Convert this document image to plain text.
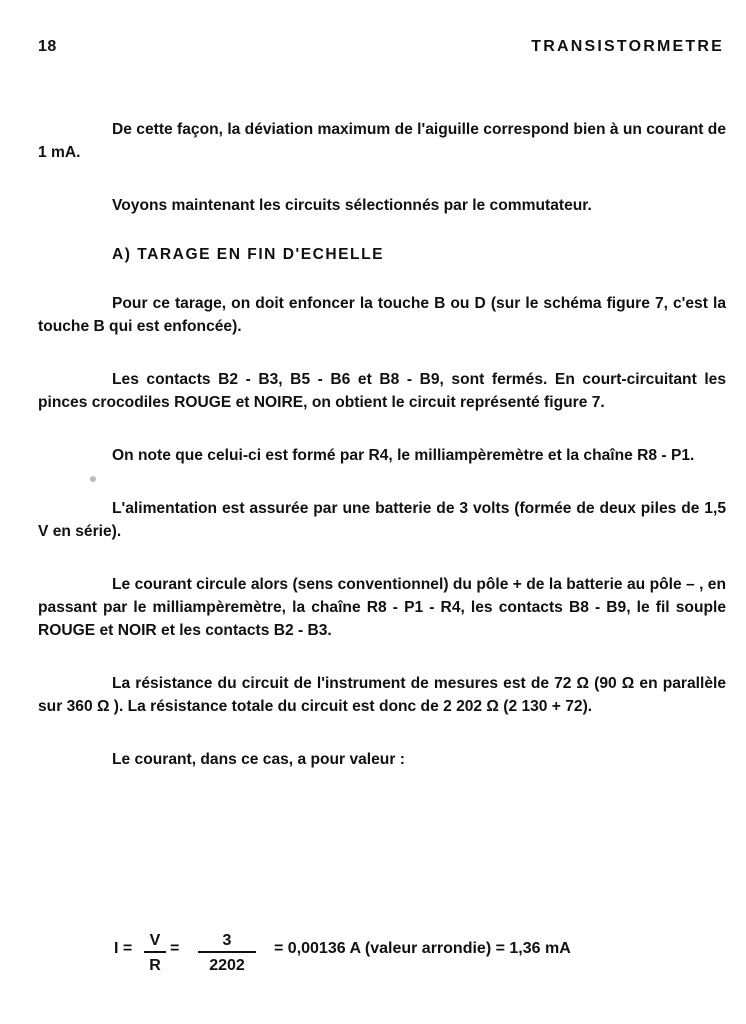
18	TRANSISTORMETRE

De cette façon, la déviation maximum de l'aiguille correspond bien à un courant de 1 mA.

Voyons maintenant les circuits sélectionnés par le commutateur.

A) TARAGE EN FIN D'ECHELLE

Pour ce tarage, on doit enfoncer la touche B ou D (sur le schéma figure 7, c'est la touche B qui est enfoncée).

Les contacts B2 - B3, B5 - B6 et B8 - B9, sont fermés. En court-circuitant les pinces crocodiles ROUGE et NOIRE, on obtient le circuit représenté figure 7.

On note que celui-ci est formé par R4, le milliampèremètre et la chaîne R8 - P1.

L'alimentation est assurée par une batterie de 3 volts (formée de deux piles de 1,5 V en série).

Le courant circule alors (sens conventionnel) du pôle + de la batterie au pôle – , en passant par le milliampèremètre, la chaîne R8 - P1 - R4, les contacts B8 - B9, le fil souple ROUGE et NOIR et les contacts B2 - B3.

La résistance du circuit de l'instrument de mesures est de 72 Ω (90 Ω en parallèle sur 360 Ω ). La résistance totale du circuit est donc de 2 202 Ω (2 130 + 72).

Le courant, dans ce cas, a pour valeur :

$I = \frac{V}{R} = \frac{3}{2202} = 0,00136$ A (valeur arrondie) = 1,36 mA
